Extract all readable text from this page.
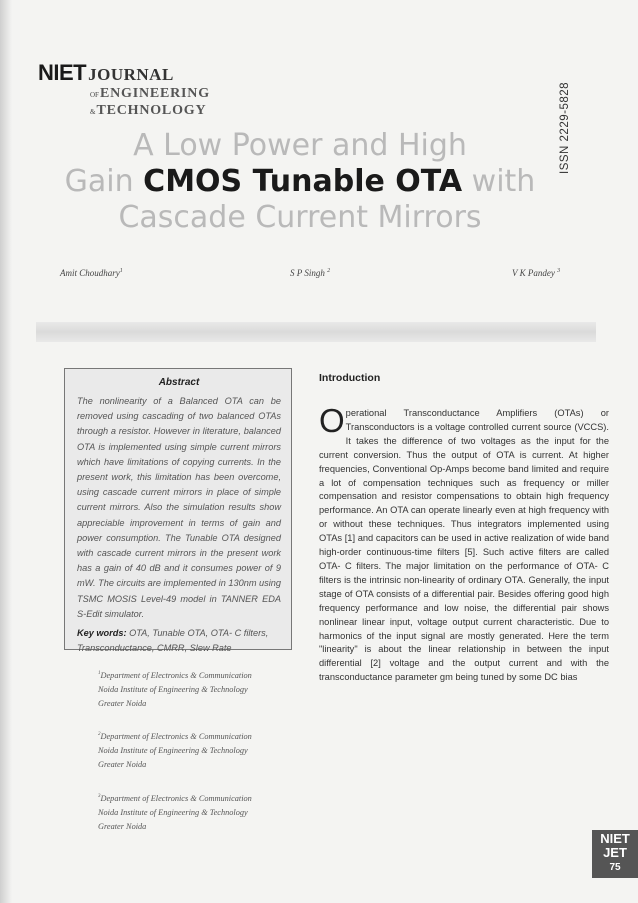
NIET JOURNAL
OF ENGINEERING
& TECHNOLOGY	ISSN 2229-5828
A Low Power and High
Gain CMOS Tunable OTA with
Cascade Current Mirrors
Amit Choudhary$^1$	S P Singh $^2$	V K Pandey $^3$
Abstract

The nonlinearity of a Balanced OTA can be removed using cascading of two balanced OTAs through a resistor. However in literature, balanced OTA is implemented using simple current mirrors which have limitations of copying currents. In the present work, this limitation has been overcome, using cascade current mirrors in place of simple current mirrors. Also the simulation results show appreciable improvement in terms of gain and power consumption. The Tunable OTA designed with cascade current mirrors in the present work has a gain of 40 dB and it consumes power of 9 mW. The circuits are implemented in 130nm using TSMC MOSIS Level-49 model in TANNER EDA S-Edit simulator.

Key words: OTA, Tunable OTA, OTA- C filters, Transconductance, CMRR, Slew Rate

$^1$Department of Electronics & Communication

Noida Institute of Engineering & Technology

Greater Noida

$^2$Department of Electronics & Communication

Noida Institute of Engineering & Technology

Greater Noida

$^3$Department of Electronics & Communication

Noida Institute of Engineering & Technology

Greater Noida

Introduction

Operational Transconductance Amplifiers (OTAs) or Transconductors is a voltage controlled current source (VCCS). It takes the difference of two voltages as the input for the current conversion. Thus the output of OTA is current. At higher frequencies, Conventional Op-Amps become band limited and require a lot of compensation techniques such as frequency or miller compensation and resistor compensations to obtain high frequency performance. An OTA can operate linearly even at high frequency with or without these techniques. Thus integrators implemented using OTAs [1] and capacitors can be used in active realization of wide band high-order continuous-time filters [5]. Such active filters are called OTA- C filters. The major limitation on the performance of OTA- C filters is the intrinsic non-linearity of ordinary OTA. Generally, the input stage of OTA consists of a differential pair. Besides offering good high frequency performance and low noise, the differential pair shows nonlinear linear input, voltage output current characteristic. Due to harmonics of the input signal are mostly generated. Here the term "linearity" is about the linear relationship in between the input differential [2] voltage and the output current and with the transconductance parameter gm being tuned by some DC bias

NIET
JET
75
